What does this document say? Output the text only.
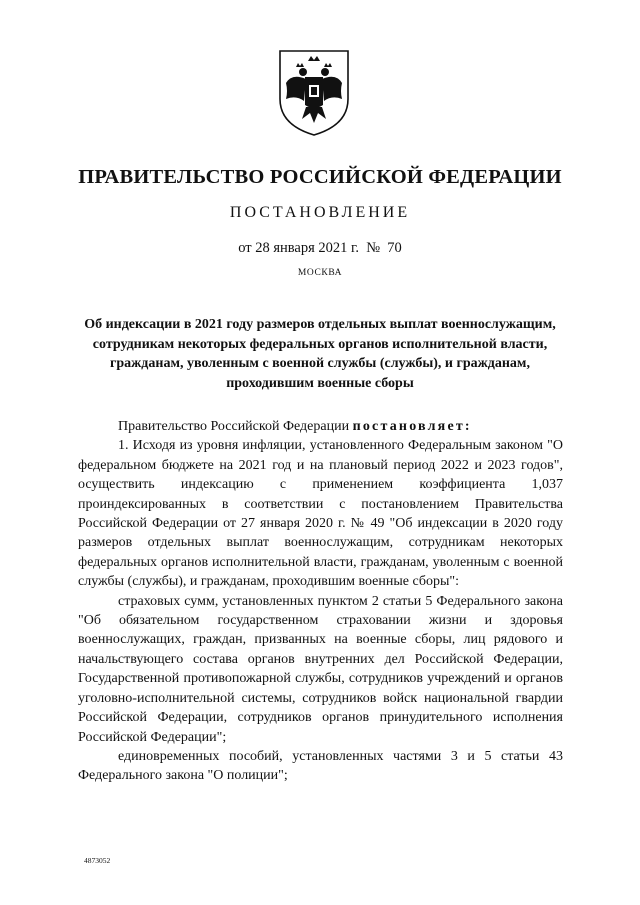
ПРАВИТЕЛЬСТВО РОССИЙСКОЙ ФЕДЕРАЦИИ
ПОСТАНОВЛЕНИЕ
от 28 января 2021 г.  №  70
МОСКВА
Об индексации в 2021 году размеров отдельных выплат военнослужащим, сотрудникам некоторых федеральных органов исполнительной власти, гражданам, уволенным с военной службы (службы), и гражданам, проходившим военные сборы

Правительство Российской Федерации постановляет:

1. Исходя из уровня инфляции, установленного Федеральным законом "О федеральном бюджете на 2021 год и на плановый период 2022 и 2023 годов", осуществить индексацию с применением коэффициента 1,037 проиндексированных в соответствии с постановлением Правительства Российской Федерации от 27 января 2020 г. № 49 "Об индексации в 2020 году размеров отдельных выплат военнослужащим, сотрудникам некоторых федеральных органов исполнительной власти, гражданам, уволенным с военной службы (службы), и гражданам, проходившим военные сборы":

страховых сумм, установленных пунктом 2 статьи 5 Федерального закона "Об обязательном государственном страховании жизни и здоровья военнослужащих, граждан, призванных на военные сборы, лиц рядового и начальствующего состава органов внутренних дел Российской Федерации, Государственной противопожарной службы, сотрудников учреждений и органов уголовно-исполнительной системы, сотрудников войск национальной гвардии Российской Федерации, сотрудников органов принудительного исполнения Российской Федерации";

единовременных пособий, установленных частями 3 и 5 статьи 43 Федерального закона "О полиции";

4873052
